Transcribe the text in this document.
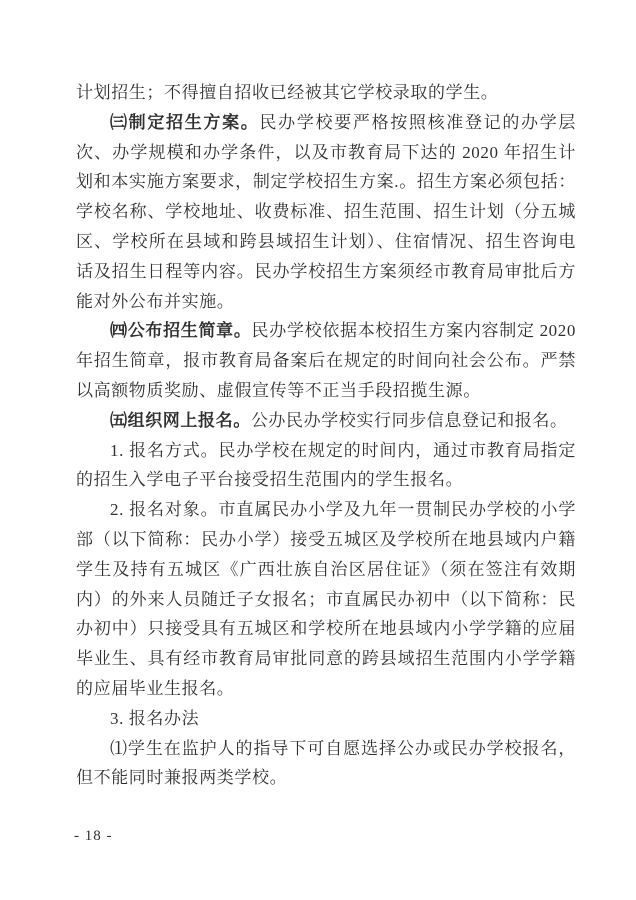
计划招生；不得擅自招收已经被其它学校录取的学生。

㈢制定招生方案。民办学校要严格按照核准登记的办学层次、办学规模和办学条件，以及市教育局下达的 2020 年招生计划和本实施方案要求，制定学校招生方案.。招生方案必须包括：学校名称、学校地址、收费标准、招生范围、招生计划（分五城区、学校所在县域和跨县域招生计划）、住宿情况、招生咨询电话及招生日程等内容。民办学校招生方案须经市教育局审批后方能对外公布并实施。

㈣公布招生简章。民办学校依据本校招生方案内容制定 2020 年招生简章，报市教育局备案后在规定的时间向社会公布。严禁以高额物质奖励、虚假宣传等不正当手段招揽生源。

㈤组织网上报名。公办民办学校实行同步信息登记和报名。

1. 报名方式。民办学校在规定的时间内，通过市教育局指定的招生入学电子平台接受招生范围内的学生报名。

2. 报名对象。市直属民办小学及九年一贯制民办学校的小学部（以下简称：民办小学）接受五城区及学校所在地县域内户籍学生及持有五城区《广西壮族自治区居住证》（须在签注有效期内）的外来人员随迁子女报名；市直属民办初中（以下简称：民办初中）只接受具有五城区和学校所在地县域内小学学籍的应届毕业生、具有经市教育局审批同意的跨县域招生范围内小学学籍的应届毕业生报名。

3. 报名办法

⑴学生在监护人的指导下可自愿选择公办或民办学校报名，但不能同时兼报两类学校。

- 18 -
